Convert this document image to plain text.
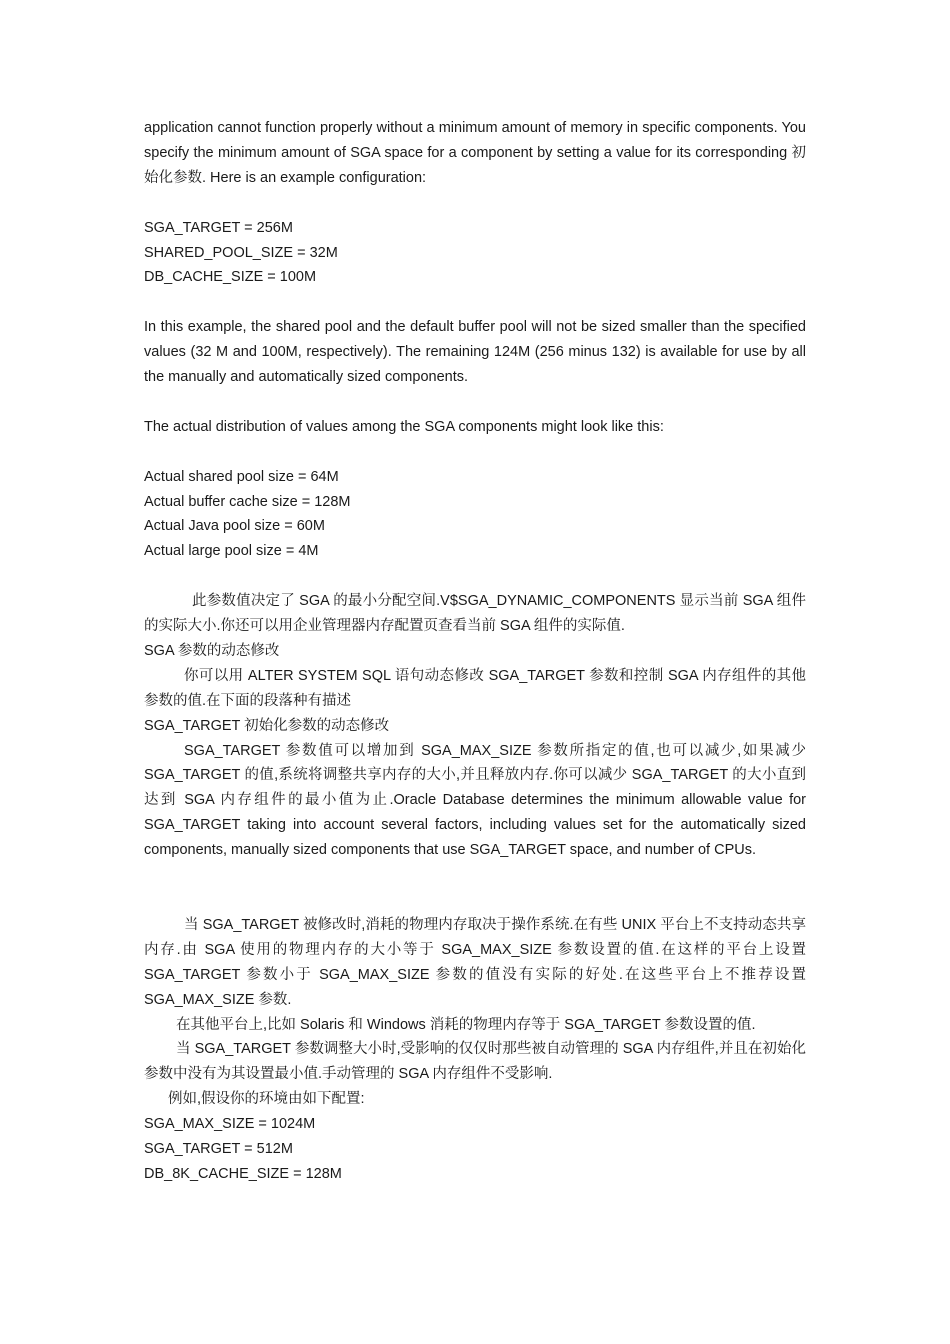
application cannot function properly without a minimum amount of memory in specific components. You specify the minimum amount of SGA space for a component by setting a value for its corresponding 初始化参数. Here is an example configuration:

SGA_TARGET = 256M

SHARED_POOL_SIZE = 32M

DB_CACHE_SIZE = 100M

In this example, the shared pool and the default buffer pool will not be sized smaller than the specified values (32 M and 100M, respectively). The remaining 124M (256 minus 132) is available for use by all the manually and automatically sized components.

The actual distribution of values among the SGA components might look like this:

Actual shared pool size = 64M

Actual buffer cache size = 128M

Actual Java pool size = 60M

Actual large pool size = 4M

此参数值决定了 SGA 的最小分配空间.V$SGA_DYNAMIC_COMPONENTS 显示当前 SGA 组件的实际大小.你还可以用企业管理器内存配置页查看当前 SGA 组件的实际值.

SGA 参数的动态修改

你可以用 ALTER SYSTEM SQL 语句动态修改 SGA_TARGET 参数和控制 SGA 内存组件的其他参数的值.在下面的段落种有描述

SGA_TARGET 初始化参数的动态修改

SGA_TARGET 参数值可以增加到 SGA_MAX_SIZE 参数所指定的值,也可以减少,如果减少 SGA_TARGET 的值,系统将调整共享内存的大小,并且释放内存.你可以减少 SGA_TARGET 的大小直到达到 SGA 内存组件的最小值为止.Oracle Database determines the minimum allowable value for SGA_TARGET taking into account several factors, including values set for the automatically sized components, manually sized components that use SGA_TARGET space, and number of CPUs.

当 SGA_TARGET 被修改时,消耗的物理内存取决于操作系统.在有些 UNIX 平台上不支持动态共享内存.由 SGA 使用的物理内存的大小等于 SGA_MAX_SIZE 参数设置的值.在这样的平台上设置 SGA_TARGET 参数小于 SGA_MAX_SIZE 参数的值没有实际的好处.在这些平台上不推荐设置 SGA_MAX_SIZE 参数.

在其他平台上,比如 Solaris 和 Windows 消耗的物理内存等于 SGA_TARGET 参数设置的值.

当 SGA_TARGET 参数调整大小时,受影响的仅仅时那些被自动管理的 SGA 内存组件,并且在初始化参数中没有为其设置最小值.手动管理的 SGA 内存组件不受影响.

例如,假设你的环境由如下配置:

SGA_MAX_SIZE = 1024M

SGA_TARGET = 512M

DB_8K_CACHE_SIZE = 128M
